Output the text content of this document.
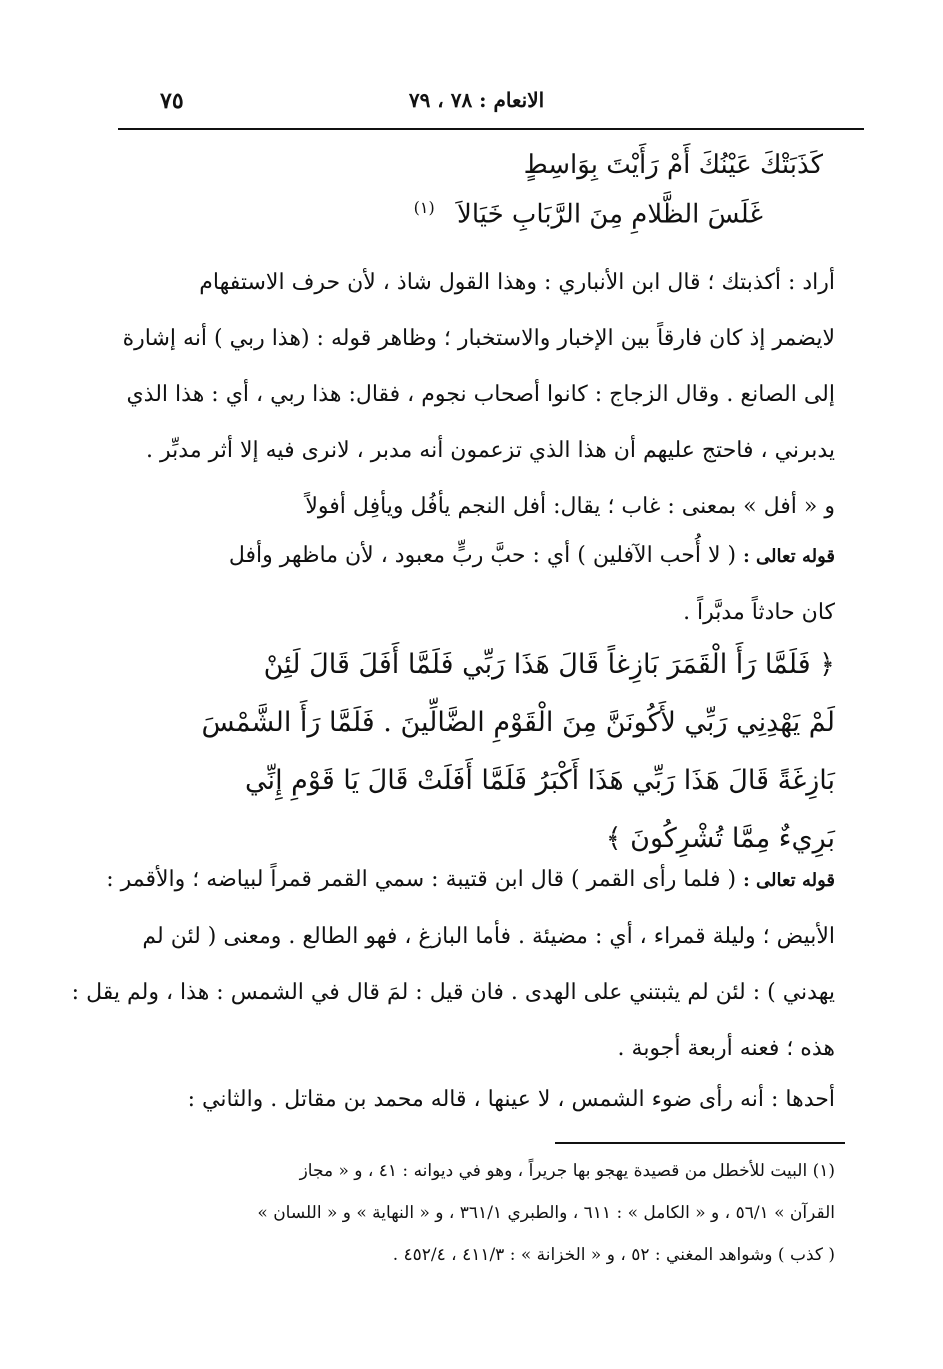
٧٥	الانعام : ٧٨ ، ٧٩
كَذَبَتْكَ عَيْنُكَ أَمْ رَأَيْتَ بِوَاسِطٍ
غَلَسَ الظَّلامِ مِنَ الرَّبَابِ خَيَالاَ $^{(١)}$

أراد : أكذبتك ؛ قال ابن الأنباري : وهذا القول شاذ ، لأن حرف الاستفهام

لايضمر إذ كان فارقاً بين الإخبار والاستخبار ؛ وظاهر قوله : (هذا ربي ) أنه إشارة

إلى الصانع . وقال الزجاج : كانوا أصحاب نجوم ، فقال: هذا ربي ، أي : هذا الذي

يدبرني ، فاحتج عليهم أن هذا الذي تزعمون أنه مدبر ، لانرى فيه إلا أثر مدبِّر .

و « أفل » بمعنى : غاب ؛ يقال: أفل النجم يأفُل ويأفِل أفولاً

قوله تعالى : ( لا أُحب الآفلين ) أي : حبَّ ربٍّ معبود ، لأن ماظهر وأفل

كان حادثاً مدبَّراً .

﴿ فَلَمَّا رَأَ الْقَمَرَ بَازِغاً قَالَ هَذَا رَبِّي فَلَمَّا أَفَلَ قَالَ لَئِنْ

لَمْ يَهْدِنِي رَبِّي لأَكُونَنَّ مِنَ الْقَوْمِ الضَّالِّينَ . فَلَمَّا رَأَ الشَّمْسَ

بَازِغَةً قَالَ هَذَا رَبِّي هَذَا أَكْبَرُ فَلَمَّا أَفَلَتْ قَالَ يَا قَوْمِ إِنِّي

بَرِيءٌ مِمَّا تُشْرِكُونَ ﴾

قوله تعالى : ( فلما رأى القمر ) قال ابن قتيبة : سمي القمر قمراً لبياضه ؛ والأقمر :

الأبيض ؛ وليلة قمراء ، أي : مضيئة . فأما البازغ ، فهو الطالع . ومعنى ( لئن لم

يهدني ) : لئن لم يثبتني على الهدى . فان قيل : لمَ قال في الشمس : هذا ، ولم يقل :

هذه ؛ فعنه أربعة أجوبة .

أحدها : أنه رأى ضوء الشمس ، لا عينها ، قاله محمد بن مقاتل . والثاني :

(١) البيت للأخطل من قصيدة يهجو بها جريراً ، وهو في ديوانه : ٤١ ، و « مجاز

القرآن » ٥٦/١ ، و « الكامل » : ٦١١ ، والطبري ٣٦١/١ ، و « النهاية » و « اللسان »

( كذب ) وشواهد المغني : ٥٢ ، و « الخزانة » : ٤١١/٣ ، ٤٥٢/٤ .
